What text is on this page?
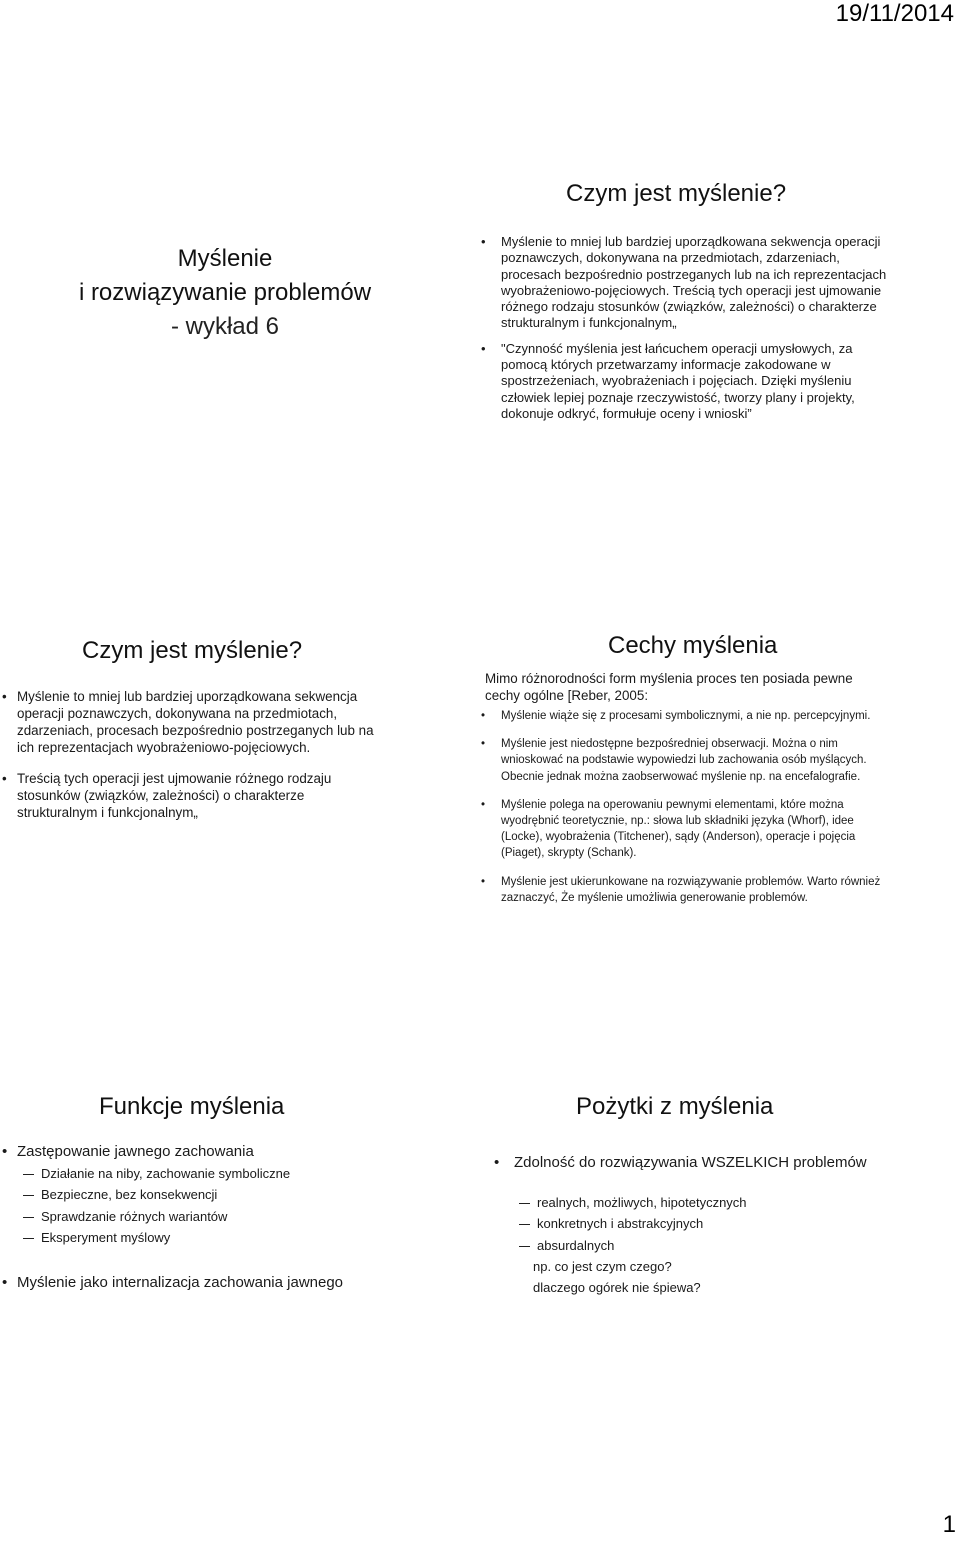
19/11/2014
Myślenie
i rozwiązywanie problemów
- wykład 6
Czym jest myślenie?
• Myślenie to mniej lub bardziej uporządkowana sekwencja operacji poznawczych, dokonywana na przedmiotach, zdarzeniach, procesach bezpośrednio postrzeganych lub na ich reprezentacjach wyobrażeniowo-pojęciowych. Treścią tych operacji jest ujmowanie różnego rodzaju stosunków (związków, zależności) o charakterze strukturalnym i funkcjonalnym„
• "Czynność myślenia jest łańcuchem operacji umysłowych, za pomocą których przetwarzamy informacje zakodowane w spostrzeżeniach, wyobrażeniach i pojęciach. Dzięki myśleniu człowiek lepiej poznaje rzeczywistość, tworzy plany i projekty, dokonuje odkryć, formułuje oceny i wnioski”
Czym jest myślenie?
• Myślenie to mniej lub bardziej uporządkowana sekwencja operacji poznawczych, dokonywana na przedmiotach, zdarzeniach, procesach bezpośrednio postrzeganych lub na ich reprezentacjach wyobrażeniowo-pojęciowych.
• Treścią tych operacji jest ujmowanie różnego rodzaju stosunków (związków, zależności) o charakterze strukturalnym i funkcjonalnym„
Cechy myślenia
Mimo różnorodności form myślenia proces ten posiada pewne cechy ogólne [Reber, 2005:
• Myślenie wiąże się z procesami symbolicznymi, a nie np. percepcyjnymi.
• Myślenie jest niedostępne bezpośredniej obserwacji. Można o nim wnioskować na podstawie wypowiedzi lub zachowania osób myślących. Obecnie jednak można zaobserwować myślenie np. na encefalografie.
• Myślenie polega na operowaniu pewnymi elementami, które można wyodrębnić teoretycznie, np.: słowa lub składniki języka (Whorf), idee (Locke), wyobrażenia (Titchener), sądy (Anderson), operacje i pojęcia (Piaget), skrypty (Schank).
• Myślenie jest ukierunkowane na rozwiązywanie problemów. Warto również zaznaczyć, Że myślenie umożliwia generowanie problemów.
Funkcje myślenia
• Zastępowanie jawnego zachowania
Działanie na niby, zachowanie symboliczne
Bezpieczne, bez konsekwencji
Sprawdzanie różnych wariantów
Eksperyment myślowy
• Myślenie jako internalizacja zachowania jawnego
Pożytki z myślenia
• Zdolność do rozwiązywania WSZELKICH problemów
realnych, możliwych, hipotetycznych
konkretnych i abstrakcyjnych
absurdalnych
np. co jest czym czego?
dlaczego ogórek nie śpiewa?
1
